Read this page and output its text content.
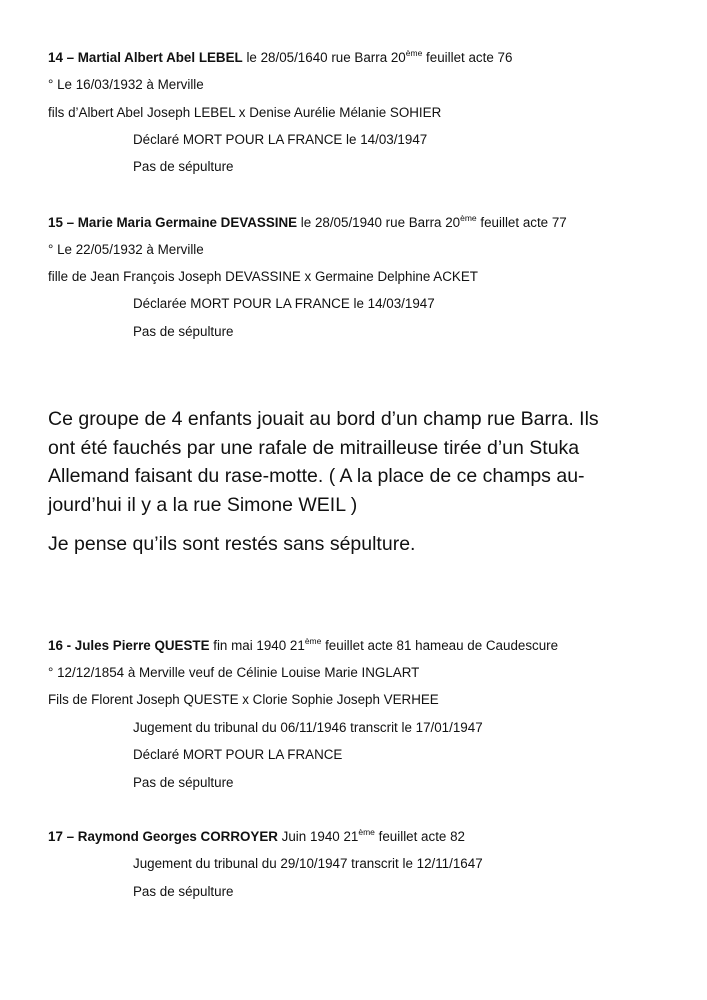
14 – Martial Albert Abel LEBEL le 28/05/1640 rue Barra 20ème feuillet acte 76
° Le 16/03/1932 à Merville
fils d’Albert Abel Joseph LEBEL x Denise Aurélie Mélanie SOHIER
Déclaré MORT POUR LA FRANCE le 14/03/1947
Pas de sépulture
15 – Marie Maria Germaine DEVASSINE le 28/05/1940 rue Barra 20ème feuillet acte 77
° Le 22/05/1932 à Merville
fille de Jean François Joseph DEVASSINE x Germaine Delphine ACKET
Déclarée MORT POUR LA FRANCE le 14/03/1947
Pas de sépulture
Ce groupe de 4 enfants jouait au bord d’un champ rue Barra. Ils
ont été fauchés par une rafale de mitrailleuse tirée d’un Stuka
Allemand faisant du rase-motte. ( A la place de ce champs au-
jourd’hui il y a la rue Simone WEIL )
Je pense qu’ils sont restés sans sépulture.
16 - Jules Pierre QUESTE fin mai 1940 21ème feuillet acte 81 hameau de Caudescure
° 12/12/1854 à Merville veuf de Célinie Louise Marie INGLART
Fils de Florent Joseph QUESTE x Clorie Sophie Joseph VERHEE
Jugement du tribunal du 06/11/1946 transcrit le 17/01/1947
Déclaré MORT POUR LA FRANCE
Pas de sépulture
17 – Raymond Georges CORROYER Juin 1940 21ème feuillet acte 82
Jugement du tribunal du 29/10/1947 transcrit le 12/11/1647
Pas de sépulture
